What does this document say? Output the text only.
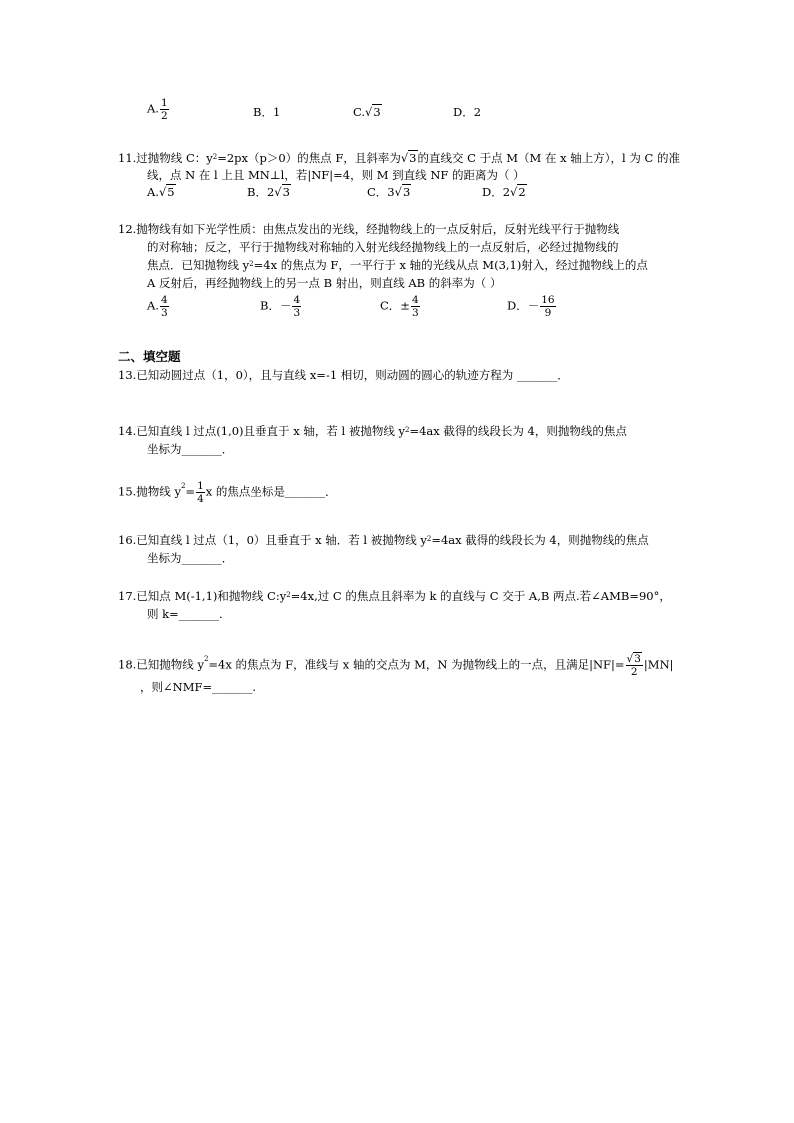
A. $\frac{1}{2}$	B．1	C.√3	D．2
11.过抛物线 C：$y^2=2px(p>0)$的焦点 F，且斜率为√3的直线交 C 于点 M（M 在 x 轴上方），l 为 C 的准
线，点 N 在 l 上且 MN⊥l，若|NF|=4，则 M 到直线 NF 的距离为（ ）
A.√5	B．2√3	C．3√3	D．2√2
12.抛物线有如下光学性质：由焦点发出的光线，经抛物线上的一点反射后，反射光线平行于抛物线
的对称轴；反之，平行于抛物线对称轴的入射光线经抛物线上的一点反射后，必经过抛物线的
焦点．已知抛物线 $y^2=4x$ 的焦点为 F，一平行于 x 轴的光线从点 M(3,1)射入，经过抛物线上的点
A 反射后，再经抛物线上的另一点 B 射出，则直线 AB 的斜率为（ ）
A. $\frac{4}{3}$	B．－ $\frac{4}{3}$	C．± $\frac{4}{3}$	D．－ $\frac{16}{9}$
二、填空题
13.已知动圆过点（1，0），且与直线 x=-1 相切，则动圆的圆心的轨迹方程为 _______．
14.已知直线 l 过点(1,0)且垂直于 x 轴，若 l 被抛物线 $y^2=4ax$ 截得的线段长为 4，则抛物线的焦点
坐标为_______．
15.抛物线 $y^2= \frac{1}{4}$ x 的焦点坐标是_______．
16.已知直线 l 过点（1，0）且垂直于 x 轴．若 l 被抛物线 $y^2=4ax$ 截得的线段长为 4，则抛物线的焦点
坐标为_______．
17.已知点 M(-1,1)和抛物线 $C:y^2=4x$,过 C 的焦点且斜率为 k 的直线与 C 交于 A,B 两点.若∠AMB=90°，
则 k=_______.
18.已知抛物线 $y^2=4x$ 的焦点为 F，准线与 x 轴的交点为 M，N 为抛物线上的一点，且满足$|NF|= \frac{√3}{2} |MN|$
，则∠NMF=_______.
